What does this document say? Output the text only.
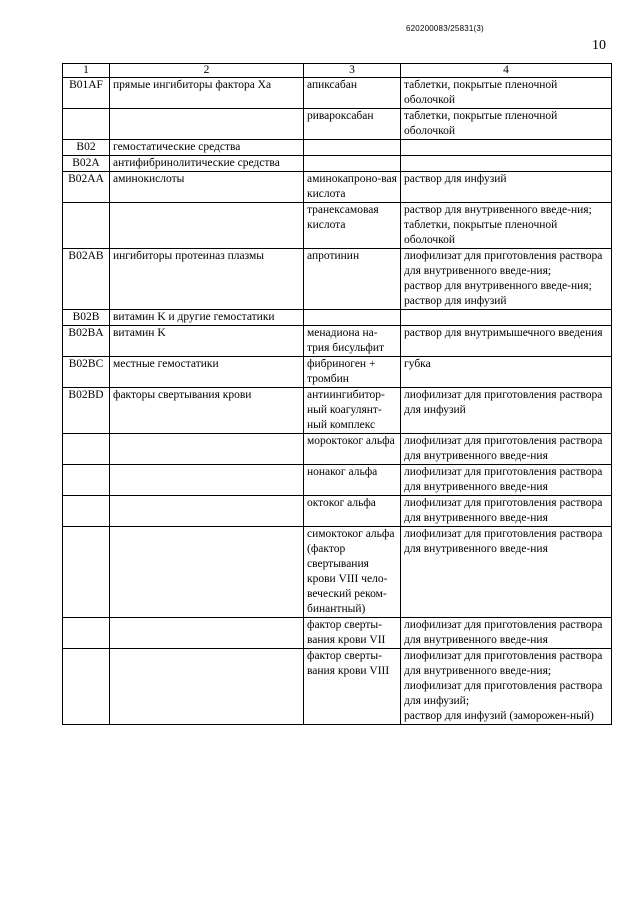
620200083/25831(3)
10
1	2	3	4
B01AF	прямые ингибиторы фактора Xa	апиксабан	таблетки, покрытые пленочной оболочкой
		ривароксабан	таблетки, покрытые пленочной оболочкой
B02	гемостатические средства		
B02A	антифибринолитические средства		
B02AA	аминокислоты	аминокапроно-вая кислота	раствор для инфузий
		транексамовая кислота	раствор для внутривенного введе-ния;
таблетки, покрытые пленочной оболочкой
B02AB	ингибиторы протеиназ плазмы	апротинин	лиофилизат для приготовления раствора для внутривенного введе-ния;
раствор для внутривенного введе-ния;
раствор для инфузий
B02B	витамин K и другие гемостатики		
B02BA	витамин K	менадиона на-трия бисульфит	раствор для внутримышечного введения
B02BC	местные гемостатики	фибриноген + тромбин	губка
B02BD	факторы свертывания крови	антиингибитор-ный коагулянт-ный комплекс	лиофилизат для приготовления раствора для инфузий
		мороктоког альфа	лиофилизат для приготовления раствора для внутривенного введе-ния
		нонаког альфа	лиофилизат для приготовления раствора для внутривенного введе-ния
		октоког альфа	лиофилизат для приготовления раствора для внутривенного введе-ния
		симоктоког альфа (фактор свертывания крови VIII чело-веческий реком-бинантный)	лиофилизат для приготовления раствора для внутривенного введе-ния
		фактор сверты-вания крови VII	лиофилизат для приготовления раствора для внутривенного введе-ния
		фактор сверты-вания крови VIII	лиофилизат для приготовления раствора для внутривенного введе-ния;
лиофилизат для приготовления раствора для инфузий;
раствор для инфузий (заморожен-ный)
